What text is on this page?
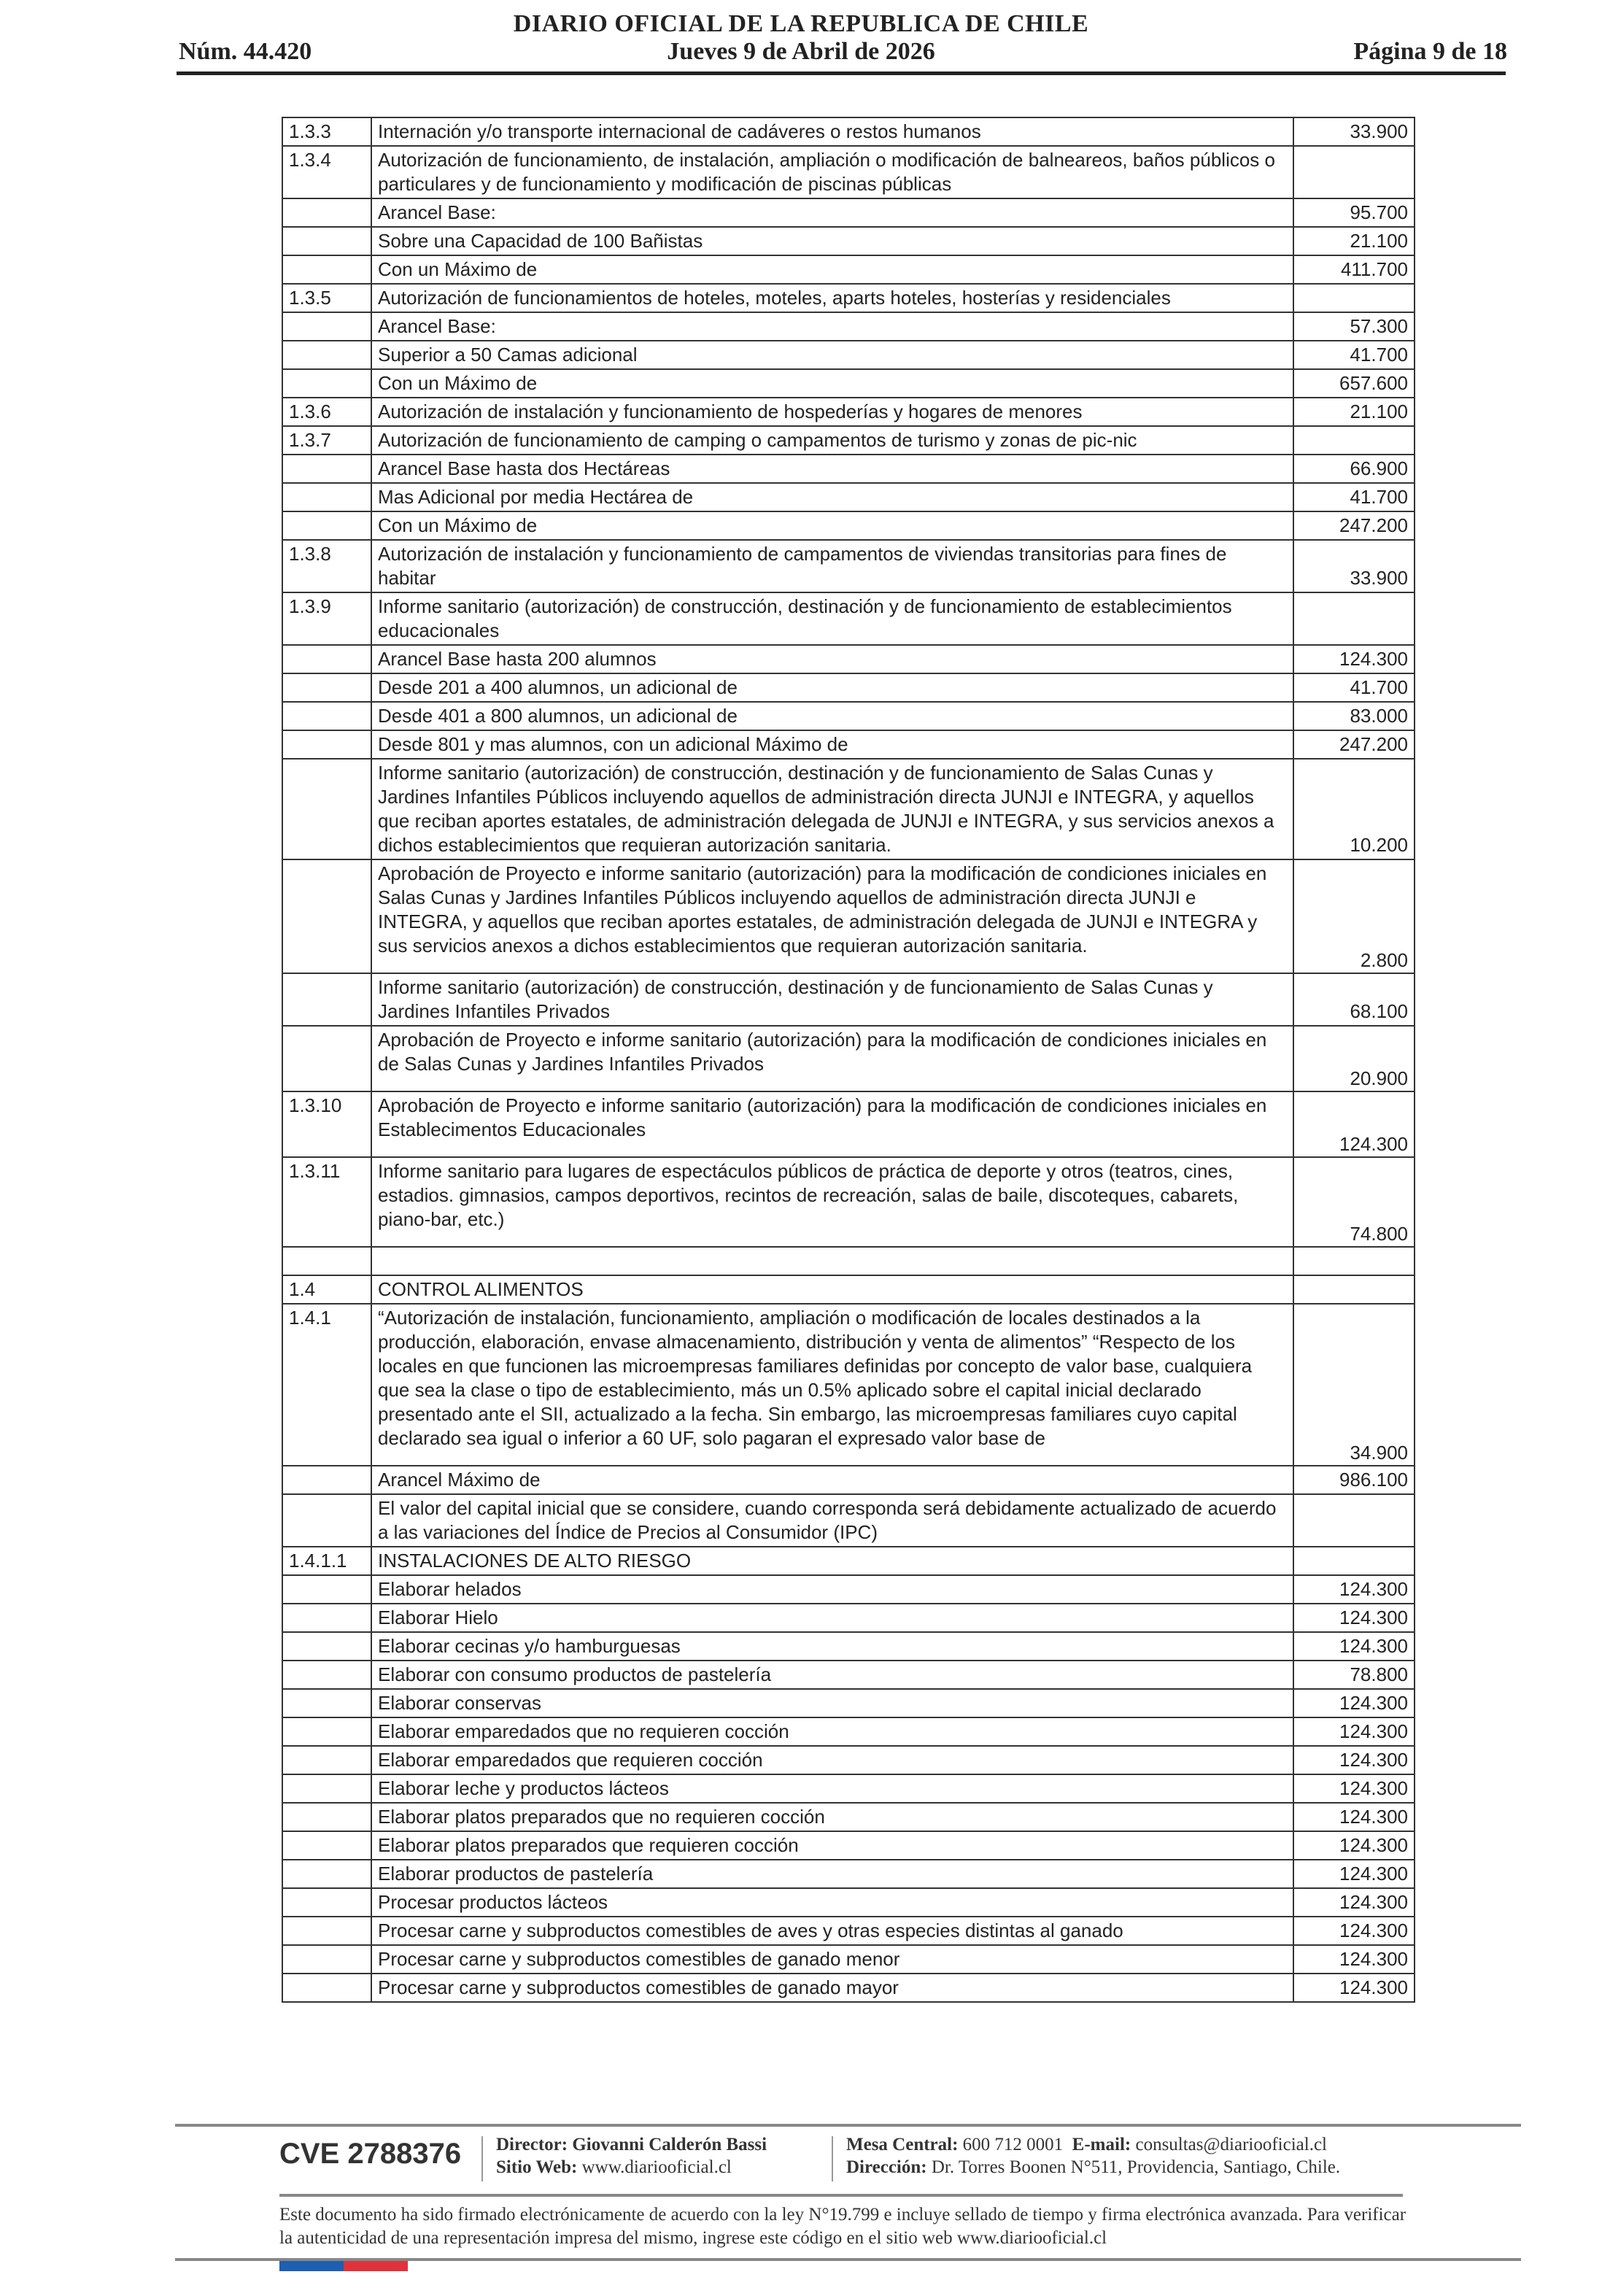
DIARIO OFICIAL DE LA REPUBLICA DE CHILE
Núm. 44.420	Jueves 9 de Abril de 2026	Página 9 de 18
1.3.3	Internación y/o transporte internacional de cadáveres o restos humanos	33.900
1.3.4	Autorización de funcionamiento, de instalación, ampliación o modificación de balneareos, baños públicos o particulares y de funcionamiento y modificación de piscinas públicas	
	Arancel Base:	95.700
	Sobre una Capacidad de 100 Bañistas	21.100
	Con un Máximo de	411.700
1.3.5	Autorización de funcionamientos de hoteles, moteles, aparts hoteles, hosterías y residenciales	
	Arancel Base:	57.300
	Superior a 50 Camas adicional	41.700
	Con un Máximo de	657.600
1.3.6	Autorización de instalación y funcionamiento de hospederías y hogares de menores	21.100
1.3.7	Autorización de funcionamiento de camping o campamentos de turismo y zonas de pic-nic	
	Arancel Base hasta dos Hectáreas	66.900
	Mas Adicional por media Hectárea de	41.700
	Con un Máximo de	247.200
1.3.8	Autorización de instalación y funcionamiento de campamentos de viviendas transitorias para fines de habitar	33.900
1.3.9	Informe sanitario (autorización) de construcción, destinación y de funcionamiento de establecimientos educacionales	
	Arancel Base hasta 200 alumnos	124.300
	Desde 201 a 400 alumnos, un adicional de	41.700
	Desde 401 a 800 alumnos, un adicional de	83.000
	Desde 801 y mas alumnos, con un adicional Máximo de	247.200
	Informe sanitario (autorización) de construcción, destinación y de funcionamiento de Salas Cunas y Jardines Infantiles Públicos incluyendo aquellos de administración directa JUNJI e INTEGRA, y aquellos que reciban aportes estatales, de administración delegada de JUNJI e INTEGRA, y sus servicios anexos a dichos establecimientos que requieran autorización sanitaria.	10.200
	Aprobación de Proyecto e informe sanitario (autorización) para la modificación de condiciones iniciales en Salas Cunas y Jardines Infantiles Públicos incluyendo aquellos de administración directa JUNJI e INTEGRA, y aquellos que reciban aportes estatales, de administración delegada de JUNJI e INTEGRA y sus servicios anexos a dichos establecimientos que requieran autorización sanitaria.	2.800
	Informe sanitario (autorización) de construcción, destinación y de funcionamiento de Salas Cunas y Jardines Infantiles Privados	68.100
	Aprobación de Proyecto e informe sanitario (autorización) para la modificación de condiciones iniciales en de Salas Cunas y Jardines Infantiles Privados	20.900
1.3.10	Aprobación de Proyecto e informe sanitario (autorización) para la modificación de condiciones iniciales en Establecimentos Educacionales	124.300
1.3.11	Informe sanitario para lugares de espectáculos públicos de práctica de deporte y otros (teatros, cines, estadios. gimnasios, campos deportivos, recintos de recreación, salas de baile, discoteques, cabarets, piano-bar, etc.)	74.800

1.4	CONTROL ALIMENTOS	
1.4.1	“Autorización de instalación, funcionamiento, ampliación o modificación de locales destinados a la producción, elaboración, envase almacenamiento, distribución y venta de alimentos” “Respecto de los locales en que funcionen las microempresas familiares definidas por concepto de valor base, cualquiera que sea la clase o tipo de establecimiento, más un 0.5% aplicado sobre el capital inicial declarado presentado ante el SII, actualizado a la fecha. Sin embargo, las microempresas familiares cuyo capital declarado sea igual o inferior a 60 UF, solo pagaran el expresado valor base de	34.900
	Arancel Máximo de	986.100
	El valor del capital inicial que se considere, cuando corresponda será debidamente actualizado de acuerdo a las variaciones del Índice de Precios al Consumidor (IPC)	
1.4.1.1	INSTALACIONES DE ALTO RIESGO	
	Elaborar helados	124.300
	Elaborar Hielo	124.300
	Elaborar cecinas y/o hamburguesas	124.300
	Elaborar con consumo productos de pastelería	78.800
	Elaborar conservas	124.300
	Elaborar emparedados que no requieren cocción	124.300
	Elaborar emparedados que requieren cocción	124.300
	Elaborar leche y productos lácteos	124.300
	Elaborar platos preparados que no requieren cocción	124.300
	Elaborar platos preparados que requieren cocción	124.300
	Elaborar productos de pastelería	124.300
	Procesar productos lácteos	124.300
	Procesar carne y subproductos comestibles de aves y otras especies distintas al ganado	124.300
	Procesar carne y subproductos comestibles de ganado menor	124.300
	Procesar carne y subproductos comestibles de ganado mayor	124.300
CVE 2788376 Director: Giovanni Calderón Bassi
Sitio Web: www.diariooficial.cl
Mesa Central: 600 712 0001 E-mail: consultas@diariooficial.cl
Dirección: Dr. Torres Boonen N°511, Providencia, Santiago, Chile.
Este documento ha sido firmado electrónicamente de acuerdo con la ley N°19.799 e incluye sellado de tiempo y firma electrónica avanzada. Para verificar la autenticidad de una representación impresa del mismo, ingrese este código en el sitio web www.diariooficial.cl
